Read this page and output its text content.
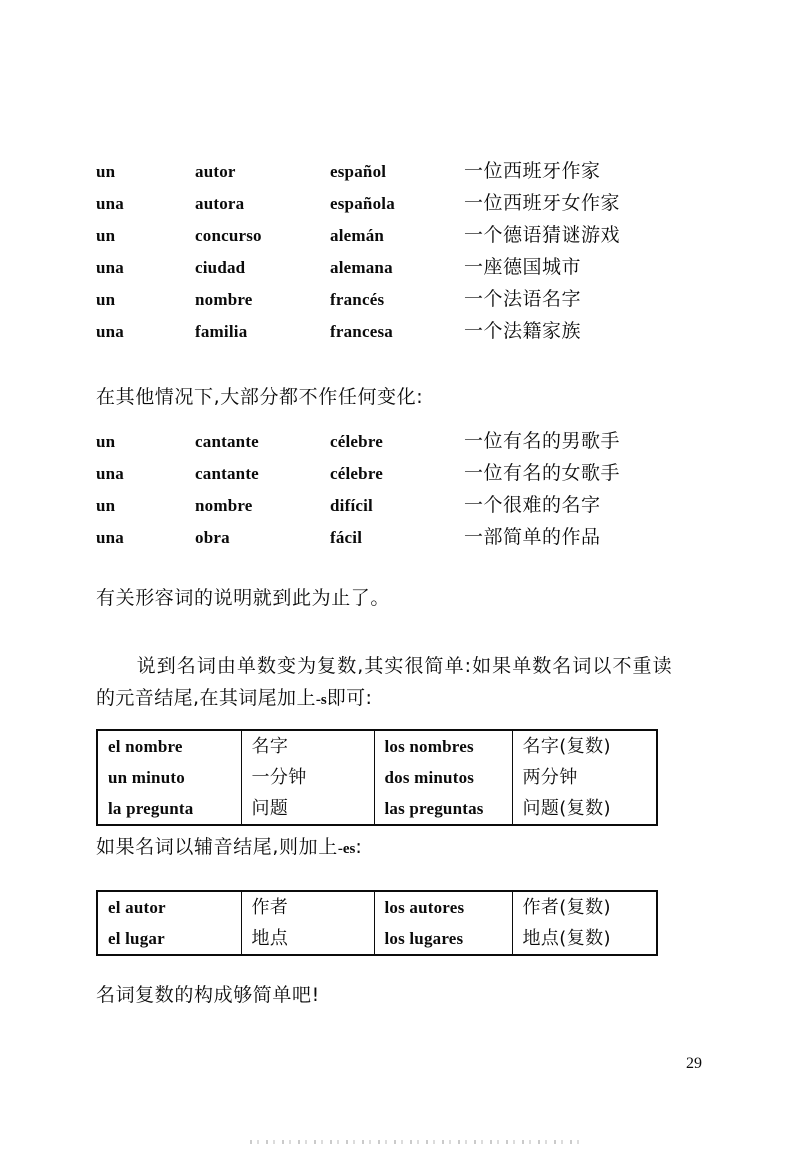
un	autor	español	一位西班牙作家
una	autora	española	一位西班牙女作家
un	concurso	alemán	一个德语猜谜游戏
una	ciudad	alemana	一座德国城市
un	nombre	francés	一个法语名字
una	familia	francesa	一个法籍家族
在其他情况下,大部分都不作任何变化:
un	cantante	célebre	一位有名的男歌手
una	cantante	célebre	一位有名的女歌手
un	nombre	difícil	一个很难的名字
una	obra	fácil	一部简单的作品
有关形容词的说明就到此为止了。
说到名词由单数变为复数,其实很简单:如果单数名词以不重读的元音结尾,在其词尾加上-s即可:
el nombre	名字	los nombres	名字(复数)
un minuto	一分钟	dos minutos	两分钟
la pregunta	问题	las preguntas	问题(复数)
如果名词以辅音结尾,则加上-es:
el autor	作者	los autores	作者(复数)
el lugar	地点	los lugares	地点(复数)
名词复数的构成够简单吧!
29
